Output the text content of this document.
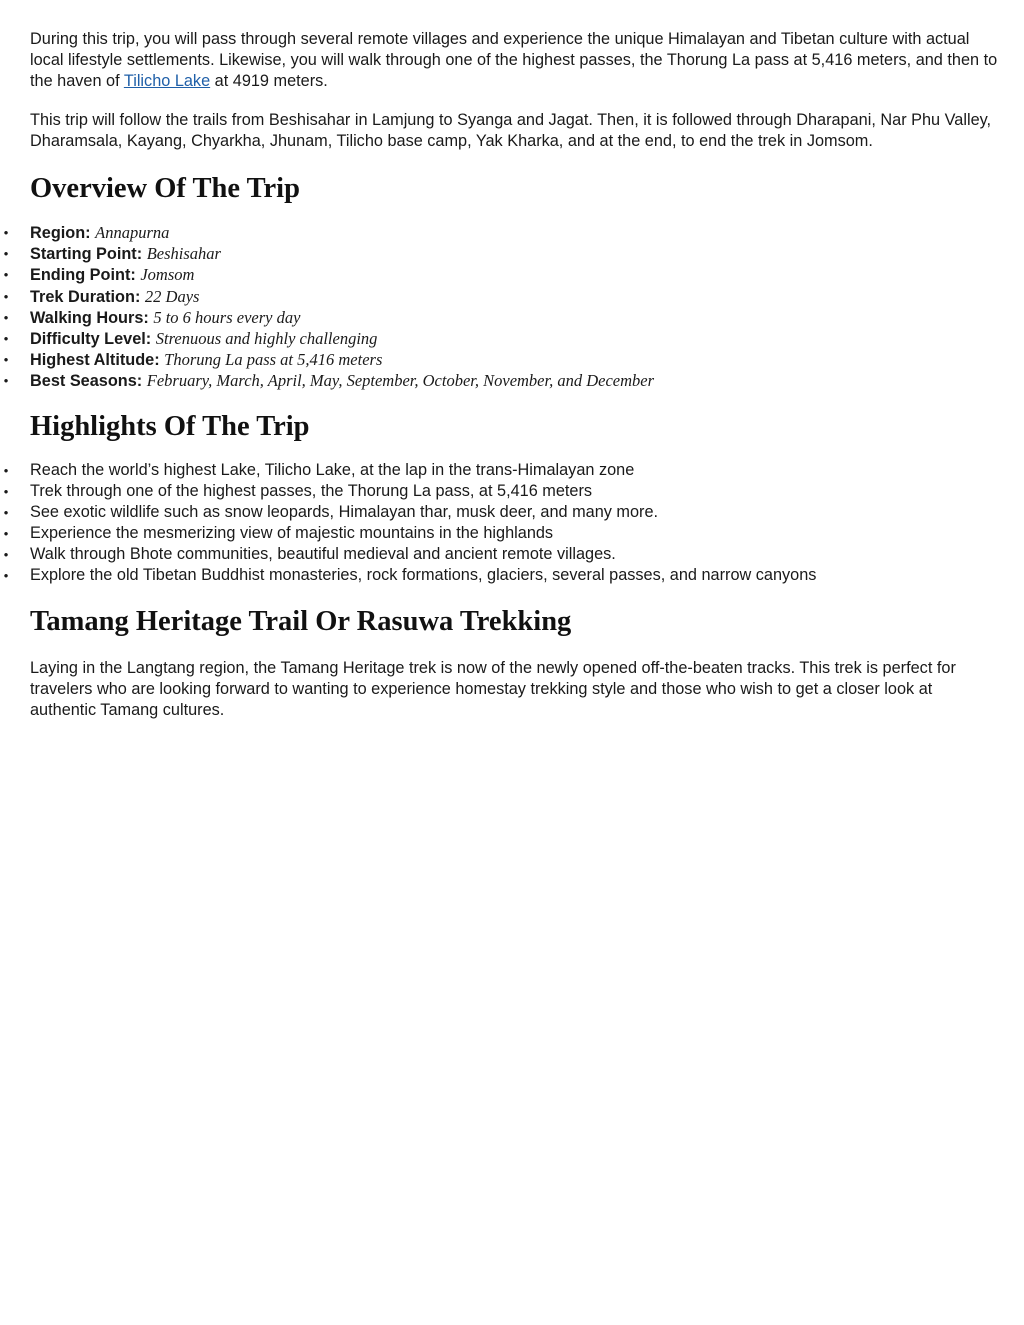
During this trip, you will pass through several remote villages and experience the unique Himalayan and Tibetan culture with actual local lifestyle settlements. Likewise, you will walk through one of the highest passes, the Thorung La pass at 5,416 meters, and then to the haven of Tilicho Lake at 4919 meters.

This trip will follow the trails from Beshisahar in Lamjung to Syanga and Jagat. Then, it is followed through Dharapani, Nar Phu Valley, Dharamsala, Kayang, Chyarkha, Jhunam, Tilicho base camp, Yak Kharka, and at the end, to end the trek in Jomsom.

Overview Of The Trip
• Region: Annapurna
• Starting Point: Beshisahar
• Ending Point: Jomsom
• Trek Duration: 22 Days
• Walking Hours: 5 to 6 hours every day
• Difficulty Level: Strenuous and highly challenging
• Highest Altitude: Thorung La pass at 5,416 meters
• Best Seasons: February, March, April, May, September, October, November, and December
Highlights Of The Trip
• Reach the world’s highest Lake, Tilicho Lake, at the lap in the trans-Himalayan zone
• Trek through one of the highest passes, the Thorung La pass, at 5,416 meters
• See exotic wildlife such as snow leopards, Himalayan thar, musk deer, and many more.
• Experience the mesmerizing view of majestic mountains in the highlands
• Walk through Bhote communities, beautiful medieval and ancient remote villages.
• Explore the old Tibetan Buddhist monasteries, rock formations, glaciers, several passes, and narrow canyons
Tamang Heritage Trail Or Rasuwa Trekking

Laying in the Langtang region, the Tamang Heritage trek is now of the newly opened off-the-beaten tracks. This trek is perfect for travelers who are looking forward to wanting to experience homestay trekking style and those who wish to get a closer look at authentic Tamang cultures.
